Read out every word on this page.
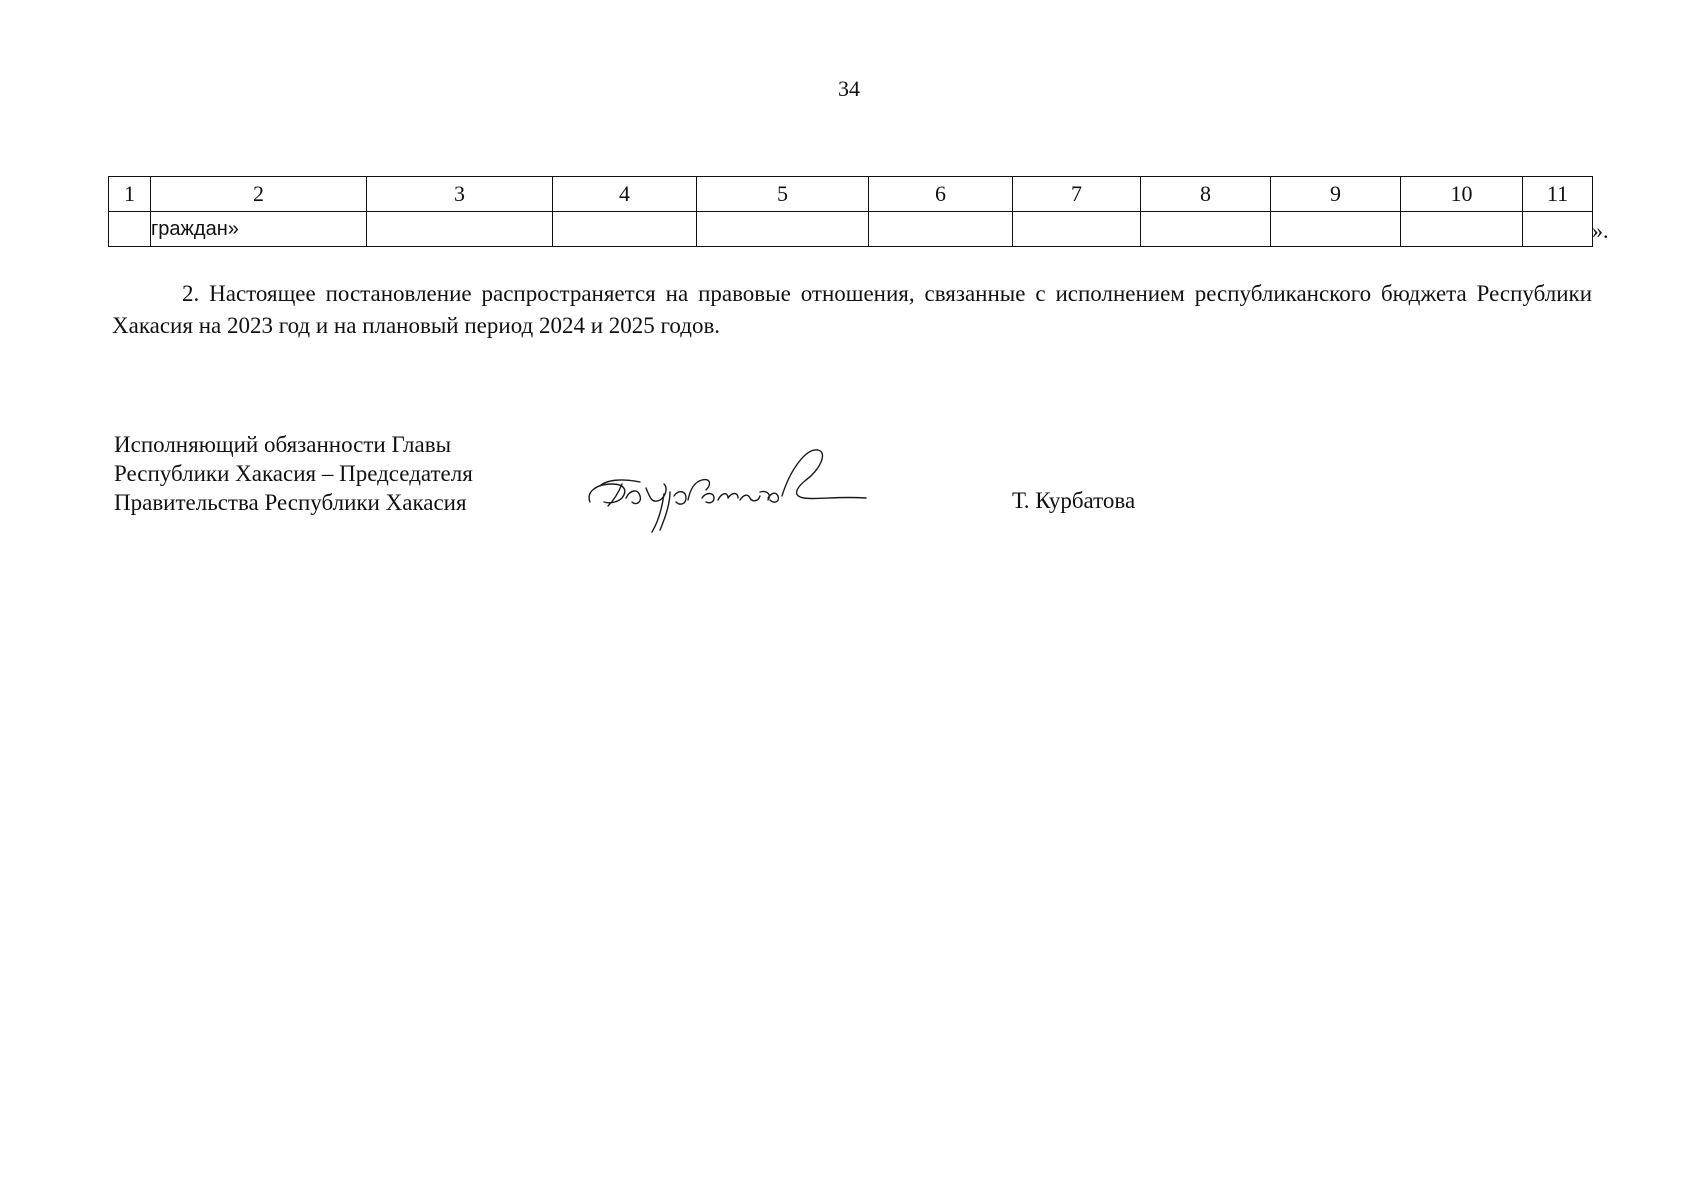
34
1	2	3	4	5	6	7	8	9	10	11
	граждан»										».
2. Настоящее постановление распространяется на правовые отношения, связанные с исполнением республиканского бюджета Республики Хакасия на 2023 год и на плановый период 2024 и 2025 годов.
Исполняющий обязанности Главы
Республики Хакасия – Председателя
Правительства Республики Хакасия	Т. Курбатова
